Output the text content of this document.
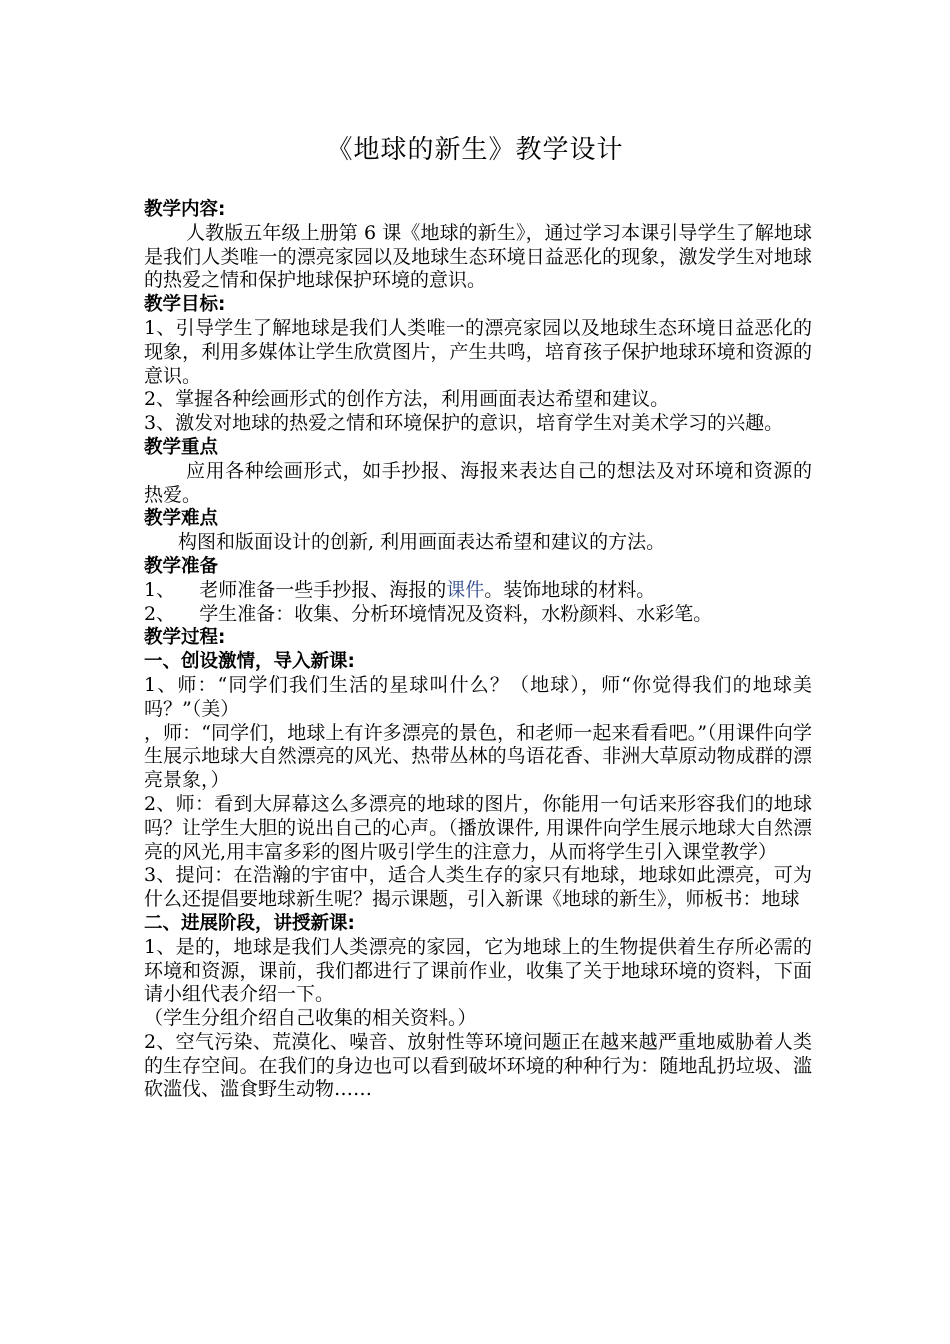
《地球的新生》教学设计

教学内容:

人教版五年级上册第 6 课《地球的新生》，通过学习本课引导学生了解地球是我们人类唯一的漂亮家园以及地球生态环境日益恶化的现象，激发学生对地球的热爱之情和保护地球保护环境的意识。

教学目标:

1、引导学生了解地球是我们人类唯一的漂亮家园以及地球生态环境日益恶化的现象，利用多媒体让学生欣赏图片，产生共鸣，培育孩子保护地球环境和资源的意识。

2、掌握各种绘画形式的创作方法，利用画面表达希望和建议。

3、激发对地球的热爱之情和环境保护的意识，培育学生对美术学习的兴趣。

教学重点

应用各种绘画形式，如手抄报、海报来表达自己的想法及对环境和资源的热爱。

教学难点

构图和版面设计的创新, 利用画面表达希望和建议的方法。

教学准备

1、 老师准备一些手抄报、海报的课件。装饰地球的材料。

2、 学生准备：收集、分析环境情况及资料，水粉颜料、水彩笔。

教学过程:

一、创设激情，导入新课:

1、师：“同学们我们生活的星球叫什么？（地球），师“你觉得我们的地球美吗？”（美）

，师：“同学们，地球上有许多漂亮的景色，和老师一起来看看吧。”（用课件向学生展示地球大自然漂亮的风光、热带丛林的鸟语花香、非洲大草原动物成群的漂亮景象，）

2、师：看到大屏幕这么多漂亮的地球的图片，你能用一句话来形容我们的地球吗？让学生大胆的说出自己的心声。（播放课件, 用课件向学生展示地球大自然漂亮的风光,用丰富多彩的图片吸引学生的注意力，从而将学生引入课堂教学）

3、提问：在浩瀚的宇宙中，适合人类生存的家只有地球，地球如此漂亮，可为什么还提倡要地球新生呢？揭示课题，引入新课《地球的新生》，师板书：地球

二、进展阶段，讲授新课:

1、是的，地球是我们人类漂亮的家园，它为地球上的生物提供着生存所必需的环境和资源，课前，我们都进行了课前作业，收集了关于地球环境的资料，下面请小组代表介绍一下。

（学生分组介绍自己收集的相关资料。）

2、空气污染、荒漠化、噪音、放射性等环境问题正在越来越严重地威胁着人类的生存空间。在我们的身边也可以看到破坏环境的种种行为：随地乱扔垃圾、滥砍滥伐、滥食野生动物……
